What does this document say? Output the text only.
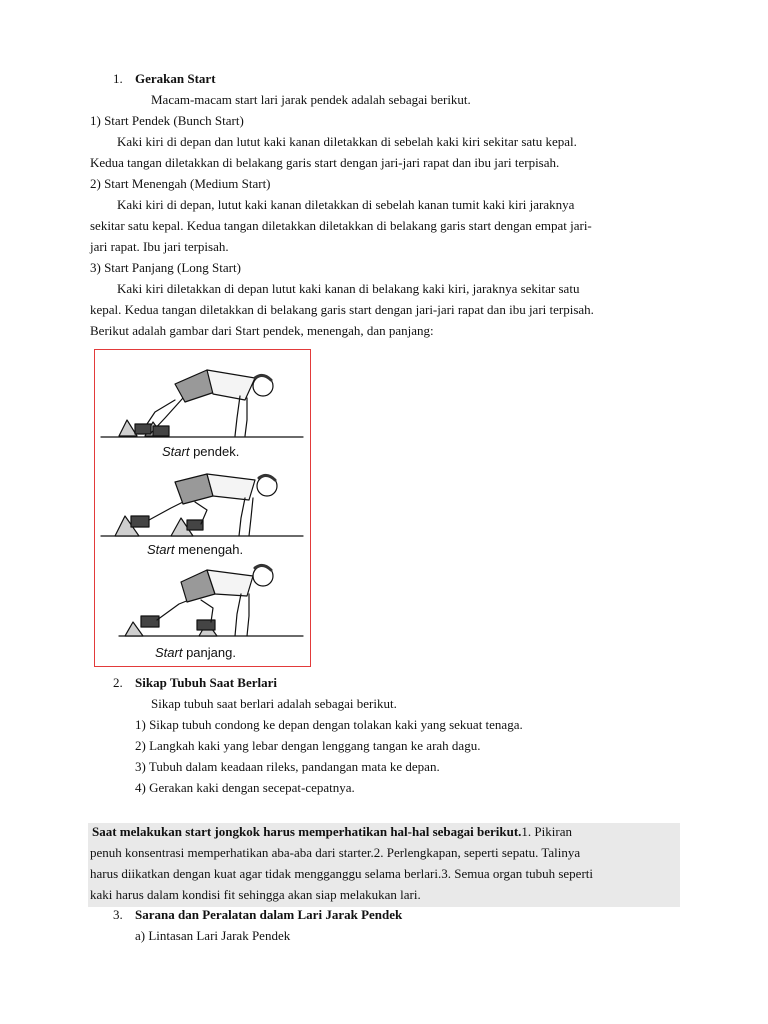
1. Gerakan Start
Macam-macam start lari jarak pendek adalah sebagai berikut.
1) Start Pendek (Bunch Start)
Kaki kiri di depan dan lutut kaki kanan diletakkan di sebelah kaki kiri sekitar satu kepal.
Kedua tangan diletakkan di belakang garis start dengan jari-jari rapat dan ibu jari terpisah.
2) Start Menengah (Medium Start)
Kaki kiri di depan, lutut kaki kanan diletakkan di sebelah kanan tumit kaki kiri jaraknya
sekitar satu kepal. Kedua tangan diletakkan diletakkan di belakang garis start dengan empat jari-
jari rapat. Ibu jari terpisah.
3) Start Panjang (Long Start)
Kaki kiri diletakkan di depan lutut kaki kanan di belakang kaki kiri, jaraknya sekitar satu
kepal. Kedua tangan diletakkan di belakang garis start dengan jari-jari rapat dan ibu jari terpisah.
Berikut adalah gambar dari Start pendek, menengah, dan panjang:
Start pendek.
Start menengah.
Start panjang.
2. Sikap Tubuh Saat Berlari
Sikap tubuh saat berlari adalah sebagai berikut.
1) Sikap tubuh condong ke depan dengan tolakan kaki yang sekuat tenaga.
2) Langkah kaki yang lebar dengan lenggang tangan ke arah dagu.
3) Tubuh dalam keadaan rileks, pandangan mata ke depan.
4) Gerakan kaki dengan secepat-cepatnya.
Saat melakukan start jongkok harus memperhatikan hal-hal sebagai berikut.1. Pikiran
penuh konsentrasi memperhatikan aba-aba dari starter.2. Perlengkapan, seperti sepatu. Talinya
harus diikatkan dengan kuat agar tidak mengganggu selama berlari.3. Semua organ tubuh seperti
kaki harus dalam kondisi fit sehingga akan siap melakukan lari.
3. Sarana dan Peralatan dalam Lari Jarak Pendek
a) Lintasan Lari Jarak Pendek
